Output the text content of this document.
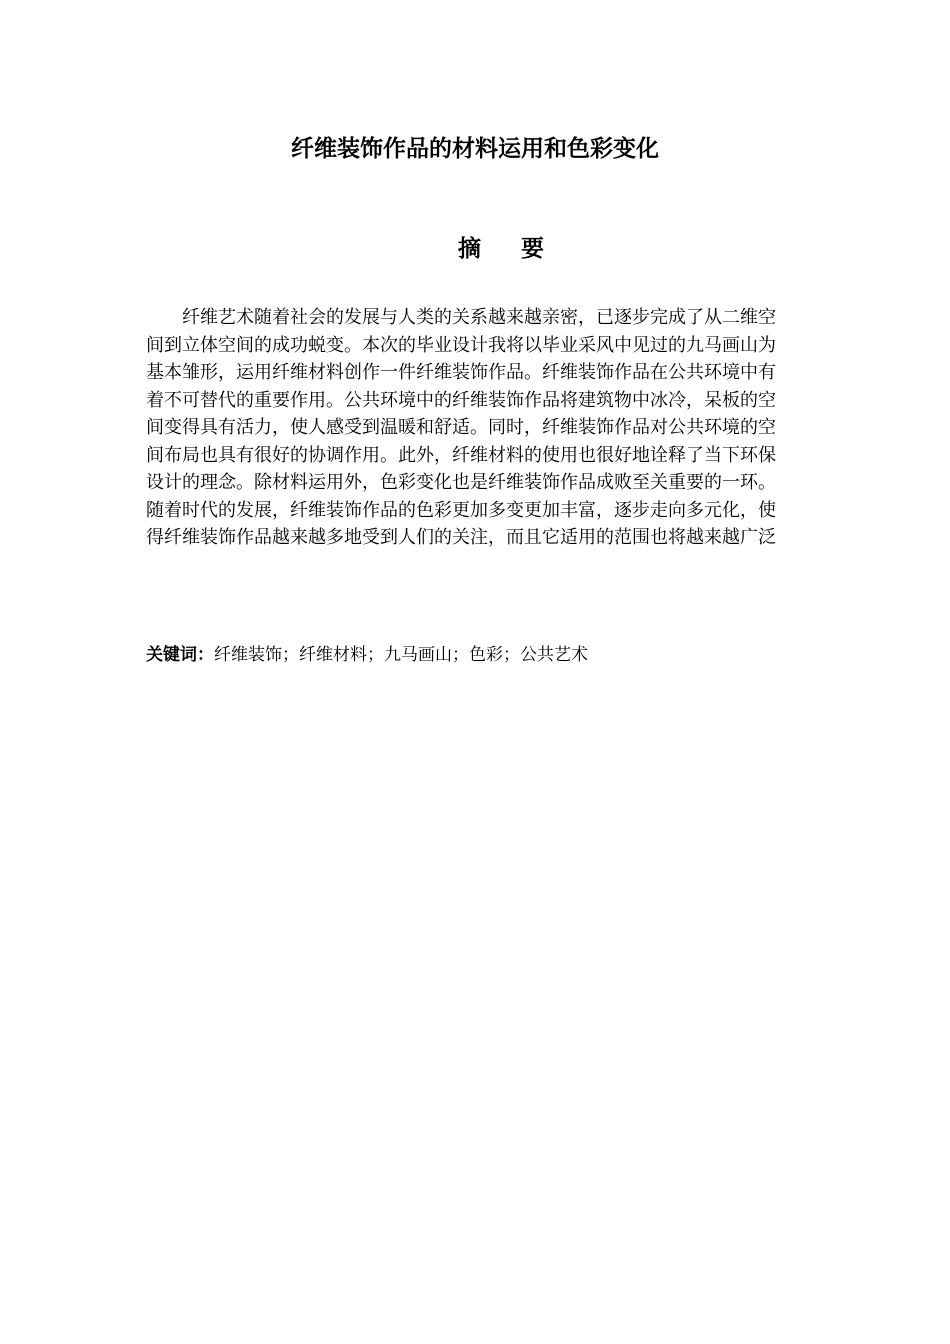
纤维装饰作品的材料运用和色彩变化
摘 要
纤维艺术随着社会的发展与人类的关系越来越亲密，已逐步完成了从二维空
间到立体空间的成功蜕变。本次的毕业设计我将以毕业采风中见过的九马画山为
基本雏形，运用纤维材料创作一件纤维装饰作品。纤维装饰作品在公共环境中有
着不可替代的重要作用。公共环境中的纤维装饰作品将建筑物中冰冷，呆板的空
间变得具有活力，使人感受到温暖和舒适。同时，纤维装饰作品对公共环境的空
间布局也具有很好的协调作用。此外，纤维材料的使用也很好地诠释了当下环保
设计的理念。除材料运用外，色彩变化也是纤维装饰作品成败至关重要的一环。
随着时代的发展，纤维装饰作品的色彩更加多变更加丰富，逐步走向多元化，使
得纤维装饰作品越来越多地受到人们的关注，而且它适用的范围也将越来越广泛
关键词：纤维装饰；纤维材料；九马画山；色彩；公共艺术
